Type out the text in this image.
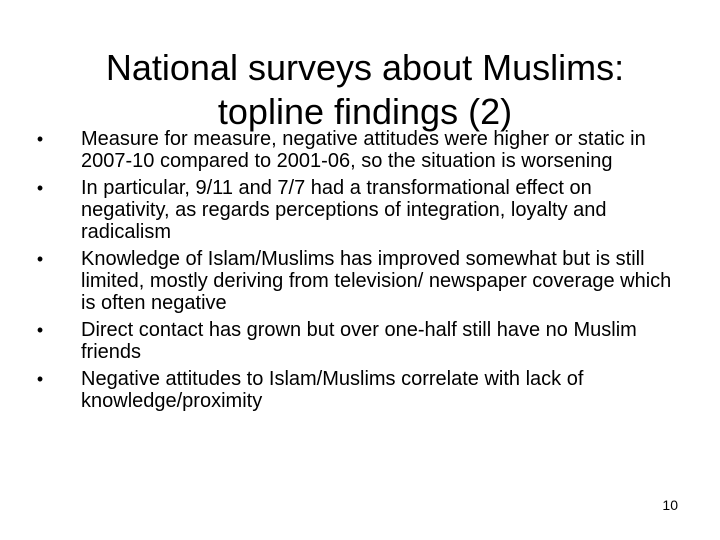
National surveys about Muslims:
topline findings (2)
• Measure for measure, negative attitudes were higher or static in 2007-10 compared to 2001-06, so the situation is worsening
• In particular, 9/11 and 7/7 had a transformational effect on negativity, as regards perceptions of integration, loyalty and radicalism
• Knowledge of Islam/Muslims has improved somewhat but is still limited, mostly deriving from television/ newspaper coverage which is often negative
• Direct contact has grown but over one-half still have no Muslim friends
• Negative attitudes to Islam/Muslims correlate with lack of knowledge/proximity
10
